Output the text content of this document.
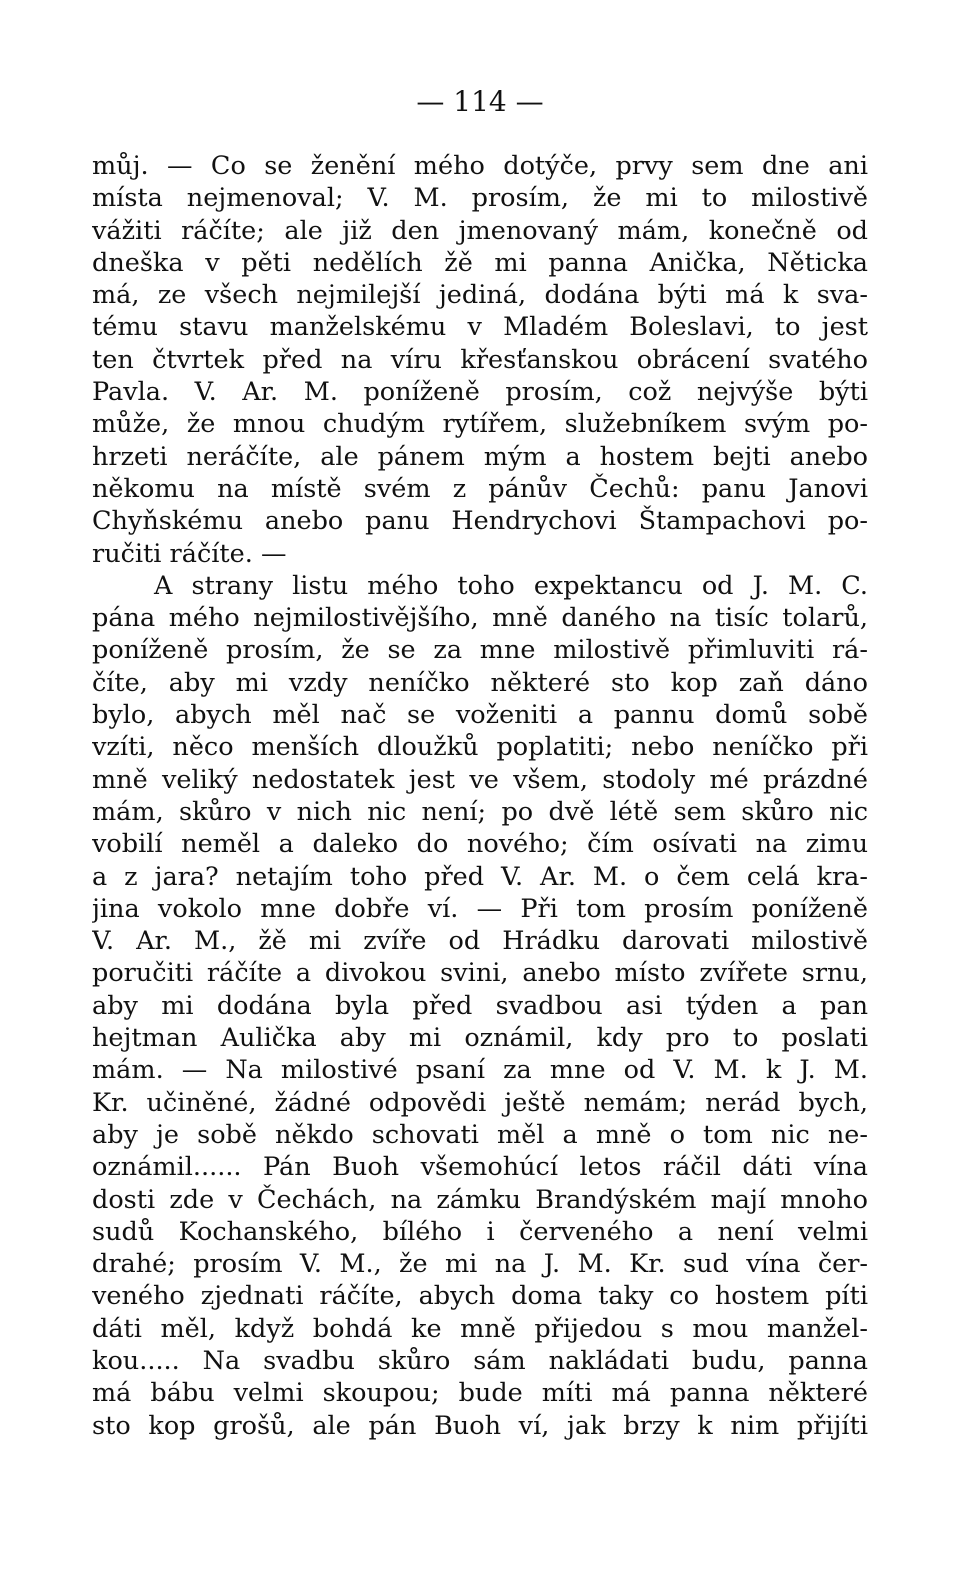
— 114 —
můj. — Co se ženění mého dotýče, prvy sem dne ani
místa nejmenoval; V. M. prosím, že mi to milostivě
vážiti ráčíte; ale již den jmenovaný mám, konečně od
dneška v pěti nedělích žě mi panna Anička, Něticka
má, ze všech nejmilejší jediná, dodána býti má k sva-
tému stavu manželskému v Mladém Boleslavi, to jest
ten čtvrtek před na víru křesťanskou obrácení svatého
Pavla. V. Ar. M. poníženě prosím, což nejvýše býti
může, že mnou chudým rytířem, služebníkem svým po-
hrzeti neráčíte, ale pánem mým a hostem bejti anebo
někomu na místě svém z pánův Čechů: panu Janovi
Chyňskému anebo panu Hendrychovi Štampachovi po-
ručiti ráčíte. —
A strany listu mého toho expektancu od J. M. C.
pána mého nejmilostivějšího, mně daného na tisíc tolarů,
poníženě prosím, že se za mne milostivě přimluviti rá-
číte, aby mi vzdy neníčko některé sto kop zaň dáno
bylo, abych měl nač se voženiti a pannu domů sobě
vzíti, něco menších dloužků poplatiti; nebo neníčko při
mně veliký nedostatek jest ve všem, stodoly mé prázdné
mám, skůro v nich nic není; po dvě létě sem skůro nic
vobilí neměl a daleko do nového; čím osívati na zimu
a z jara? netajím toho před V. Ar. M. o čem celá kra-
jina vokolo mne dobře ví. — Při tom prosím poníženě
V. Ar. M., žě mi zvíře od Hrádku darovati milostivě
poručiti ráčíte a divokou svini, anebo místo zvířete srnu,
aby mi dodána byla před svadbou asi týden a pan
hejtman Aulička aby mi oznámil, kdy pro to poslati
mám. — Na milostivé psaní za mne od V. M. k J. M.
Kr. učiněné, žádné odpovědi ještě nemám; nerád bych,
aby je sobě někdo schovati měl a mně o tom nic ne-
oznámil...... Pán Buoh všemohúcí letos ráčil dáti vína
dosti zde v Čechách, na zámku Brandýském mají mnoho
sudů Kochanského, bílého i červeného a není velmi
drahé; prosím V. M., že mi na J. M. Kr. sud vína čer-
veného zjednati ráčíte, abych doma taky co hostem píti
dáti měl, když bohdá ke mně přijedou s mou manžel-
kou..... Na svadbu skůro sám nakládati budu, panna
má bábu velmi skoupou; bude míti má panna některé
sto kop grošů, ale pán Buoh ví, jak brzy k nim přijíti
